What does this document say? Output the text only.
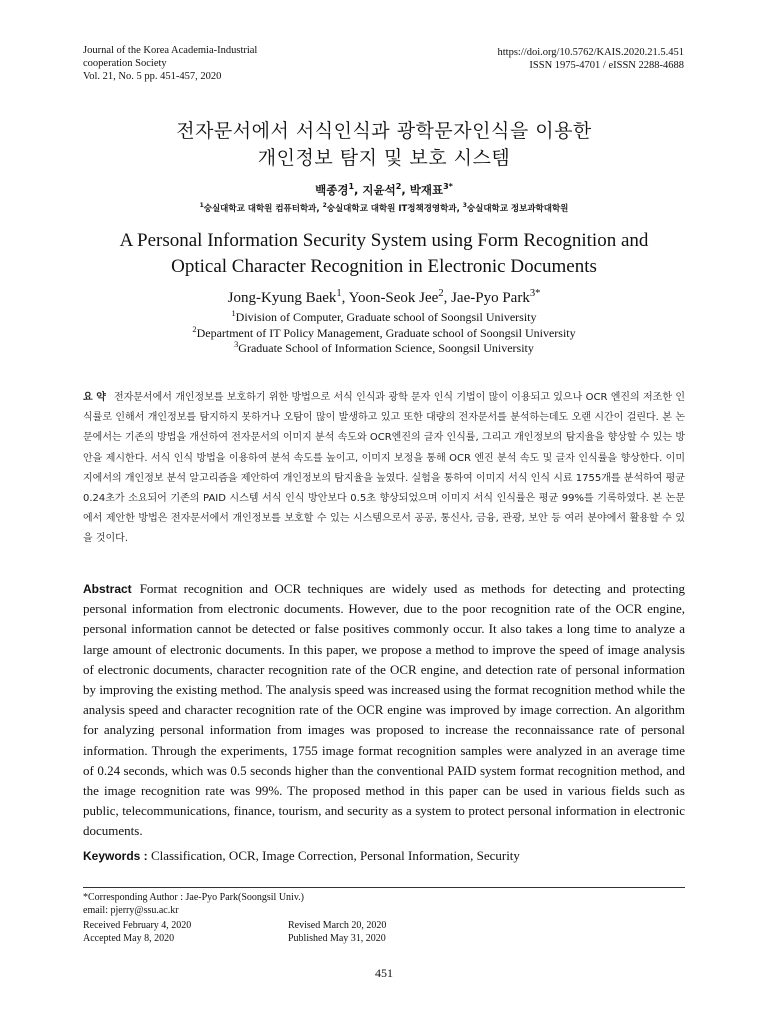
Journal of the Korea Academia-Industrial
cooperation Society
Vol. 21, No. 5 pp. 451-457, 2020
https://doi.org/10.5762/KAIS.2020.21.5.451
ISSN 1975-4701 / eISSN 2288-4688
전자문서에서 서식인식과 광학문자인식을 이용한
개인정보 탐지 및 보호 시스템
백종경$^1$, 지윤석$^2$, 박재표$^{3*}$
$^1$숭실대학교 대학원 컴퓨터학과, $^2$숭실대학교 대학원 IT정책경영학과, $^3$숭실대학교 정보과학대학원
A Personal Information Security System using Form Recognition and
Optical Character Recognition in Electronic Documents
Jong-Kyung Baek$^1$, Yoon-Seok Jee$^2$, Jae-Pyo Park$^{3*}$
$^1$Division of Computer, Graduate school of Soongsil University
$^2$Department of IT Policy Management, Graduate school of Soongsil University
$^3$Graduate School of Information Science, Soongsil University
요 약 전자문서에서 개인정보를 보호하기 위한 방법으로 서식 인식과 광학 문자 인식 기법이 많이 이용되고 있으나 OCR 엔진의 저조한 인식률로 인해서 개인정보를 탐지하지 못하거나 오탐이 많이 발생하고 있고 또한 대량의 전자문서를 분석하는데도 오랜 시간이 걸린다. 본 논문에서는 기존의 방법을 개선하여 전자문서의 이미지 분석 속도와 OCR엔진의 글자 인식률, 그리고 개인정보의 탐지율을 향상할 수 있는 방안을 제시한다. 서식 인식 방법을 이용하여 분석 속도를 높이고, 이미지 보정을 통해 OCR 엔진 분석 속도 및 글자 인식률을 향상한다. 이미지에서의 개인정보 분석 알고리즘을 제안하여 개인정보의 탐지율을 높였다. 실험을 통하여 이미지 서식 인식 시료 1755개를 분석하여 평균 0.24초가 소요되어 기존의 PAID 시스템 서식 인식 방안보다 0.5초 향상되었으며 이미지 서식 인식률은 평균 99%를 기록하였다. 본 논문에서 제안한 방법은 전자문서에서 개인정보를 보호할 수 있는 시스템으로서 공공, 통신사, 금융, 관광, 보안 등 여러 분야에서 활용할 수 있을 것이다.
Abstract Format recognition and OCR techniques are widely used as methods for detecting and protecting personal information from electronic documents. However, due to the poor recognition rate of the OCR engine, personal information cannot be detected or false positives commonly occur. It also takes a long time to analyze a large amount of electronic documents. In this paper, we propose a method to improve the speed of image analysis of electronic documents, character recognition rate of the OCR engine, and detection rate of personal information by improving the existing method. The analysis speed was increased using the format recognition method while the analysis speed and character recognition rate of the OCR engine was improved by image correction. An algorithm for analyzing personal information from images was proposed to increase the reconnaissance rate of personal information. Through the experiments, 1755 image format recognition samples were analyzed in an average time of 0.24 seconds, which was 0.5 seconds higher than the conventional PAID system format recognition method, and the image recognition rate was 99%. The proposed method in this paper can be used in various fields such as public, telecommunications, finance, tourism, and security as a system to protect personal information in electronic documents.
Keywords : Classification, OCR, Image Correction, Personal Information, Security
*Corresponding Author : Jae-Pyo Park(Soongsil Univ.)
email: pjerry@ssu.ac.kr
Received February 4, 2020	Revised March 20, 2020
Accepted May 8, 2020	Published May 31, 2020
451
